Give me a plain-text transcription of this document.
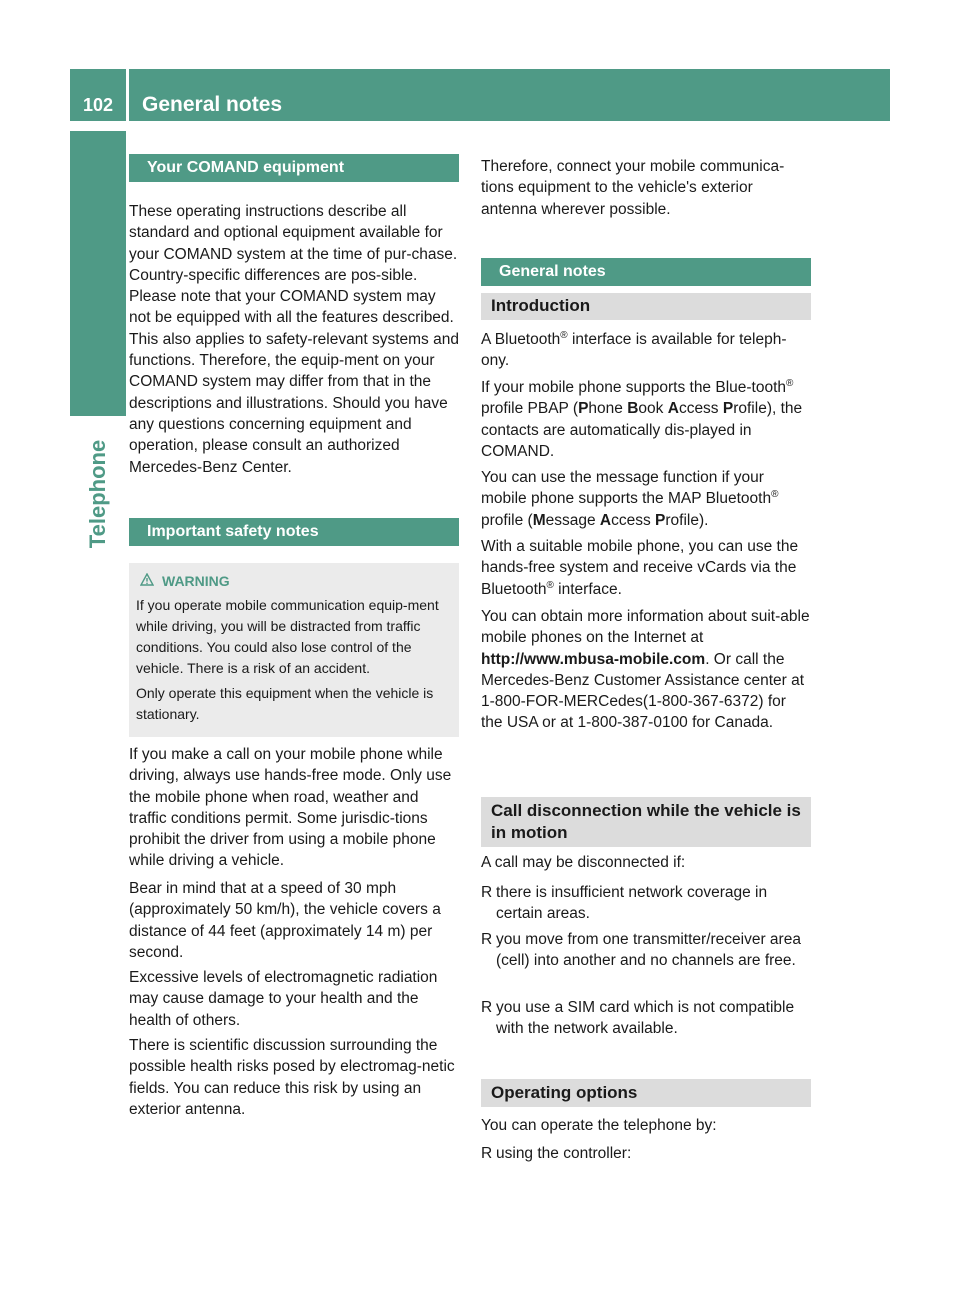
102	General notes
Telephone
Your COMAND equipment

These operating instructions describe all standard and optional equipment available for your COMAND system at the time of pur-chase. Country-specific differences are pos-sible. Please note that your COMAND system may not be equipped with all the features described. This also applies to safety-relevant systems and functions. Therefore, the equip-ment on your COMAND system may differ from that in the descriptions and illustrations. Should you have any questions concerning equipment and operation, please consult an authorized Mercedes-Benz Center.

Important safety notes
WARNING

If you operate mobile communication equip-ment while driving, you will be distracted from traffic conditions. You could also lose control of the vehicle. There is a risk of an accident.

Only operate this equipment when the vehicle is stationary.

If you make a call on your mobile phone while driving, always use hands-free mode. Only use the mobile phone when road, weather and traffic conditions permit. Some jurisdic-tions prohibit the driver from using a mobile phone while driving a vehicle.

Bear in mind that at a speed of 30 mph (approximately 50 km/h), the vehicle covers a distance of 44 feet (approximately 14 m) per second.

Excessive levels of electromagnetic radiation may cause damage to your health and the health of others.

There is scientific discussion surrounding the possible health risks posed by electromag-netic fields. You can reduce this risk by using an exterior antenna.

Therefore, connect your mobile communica-tions equipment to the vehicle's exterior antenna wherever possible.

General notes
Introduction

A Bluetooth® interface is available for teleph-ony.

If your mobile phone supports the Blue-tooth® profile PBAP (Phone Book Access Profile), the contacts are automatically dis-played in COMAND.

You can use the message function if your mobile phone supports the MAP Bluetooth® profile (Message Access Profile).

With a suitable mobile phone, you can use the hands-free system and receive vCards via the Bluetooth® interface.

You can obtain more information about suit-able mobile phones on the Internet at http://www.mbusa-mobile.com. Or call the Mercedes-Benz Customer Assistance center at 1-800-FOR-MERCedes(1-800-367-6372) for the USA or at 1-800-387-0100 for Canada.

Call disconnection while the vehicle is in motion

A call may be disconnected if:

R there is insufficient network coverage in certain areas.
R you move from one transmitter/receiver area (cell) into another and no channels are free.
R you use a SIM card which is not compatible with the network available.
Operating options

You can operate the telephone by:

R using the controller:
